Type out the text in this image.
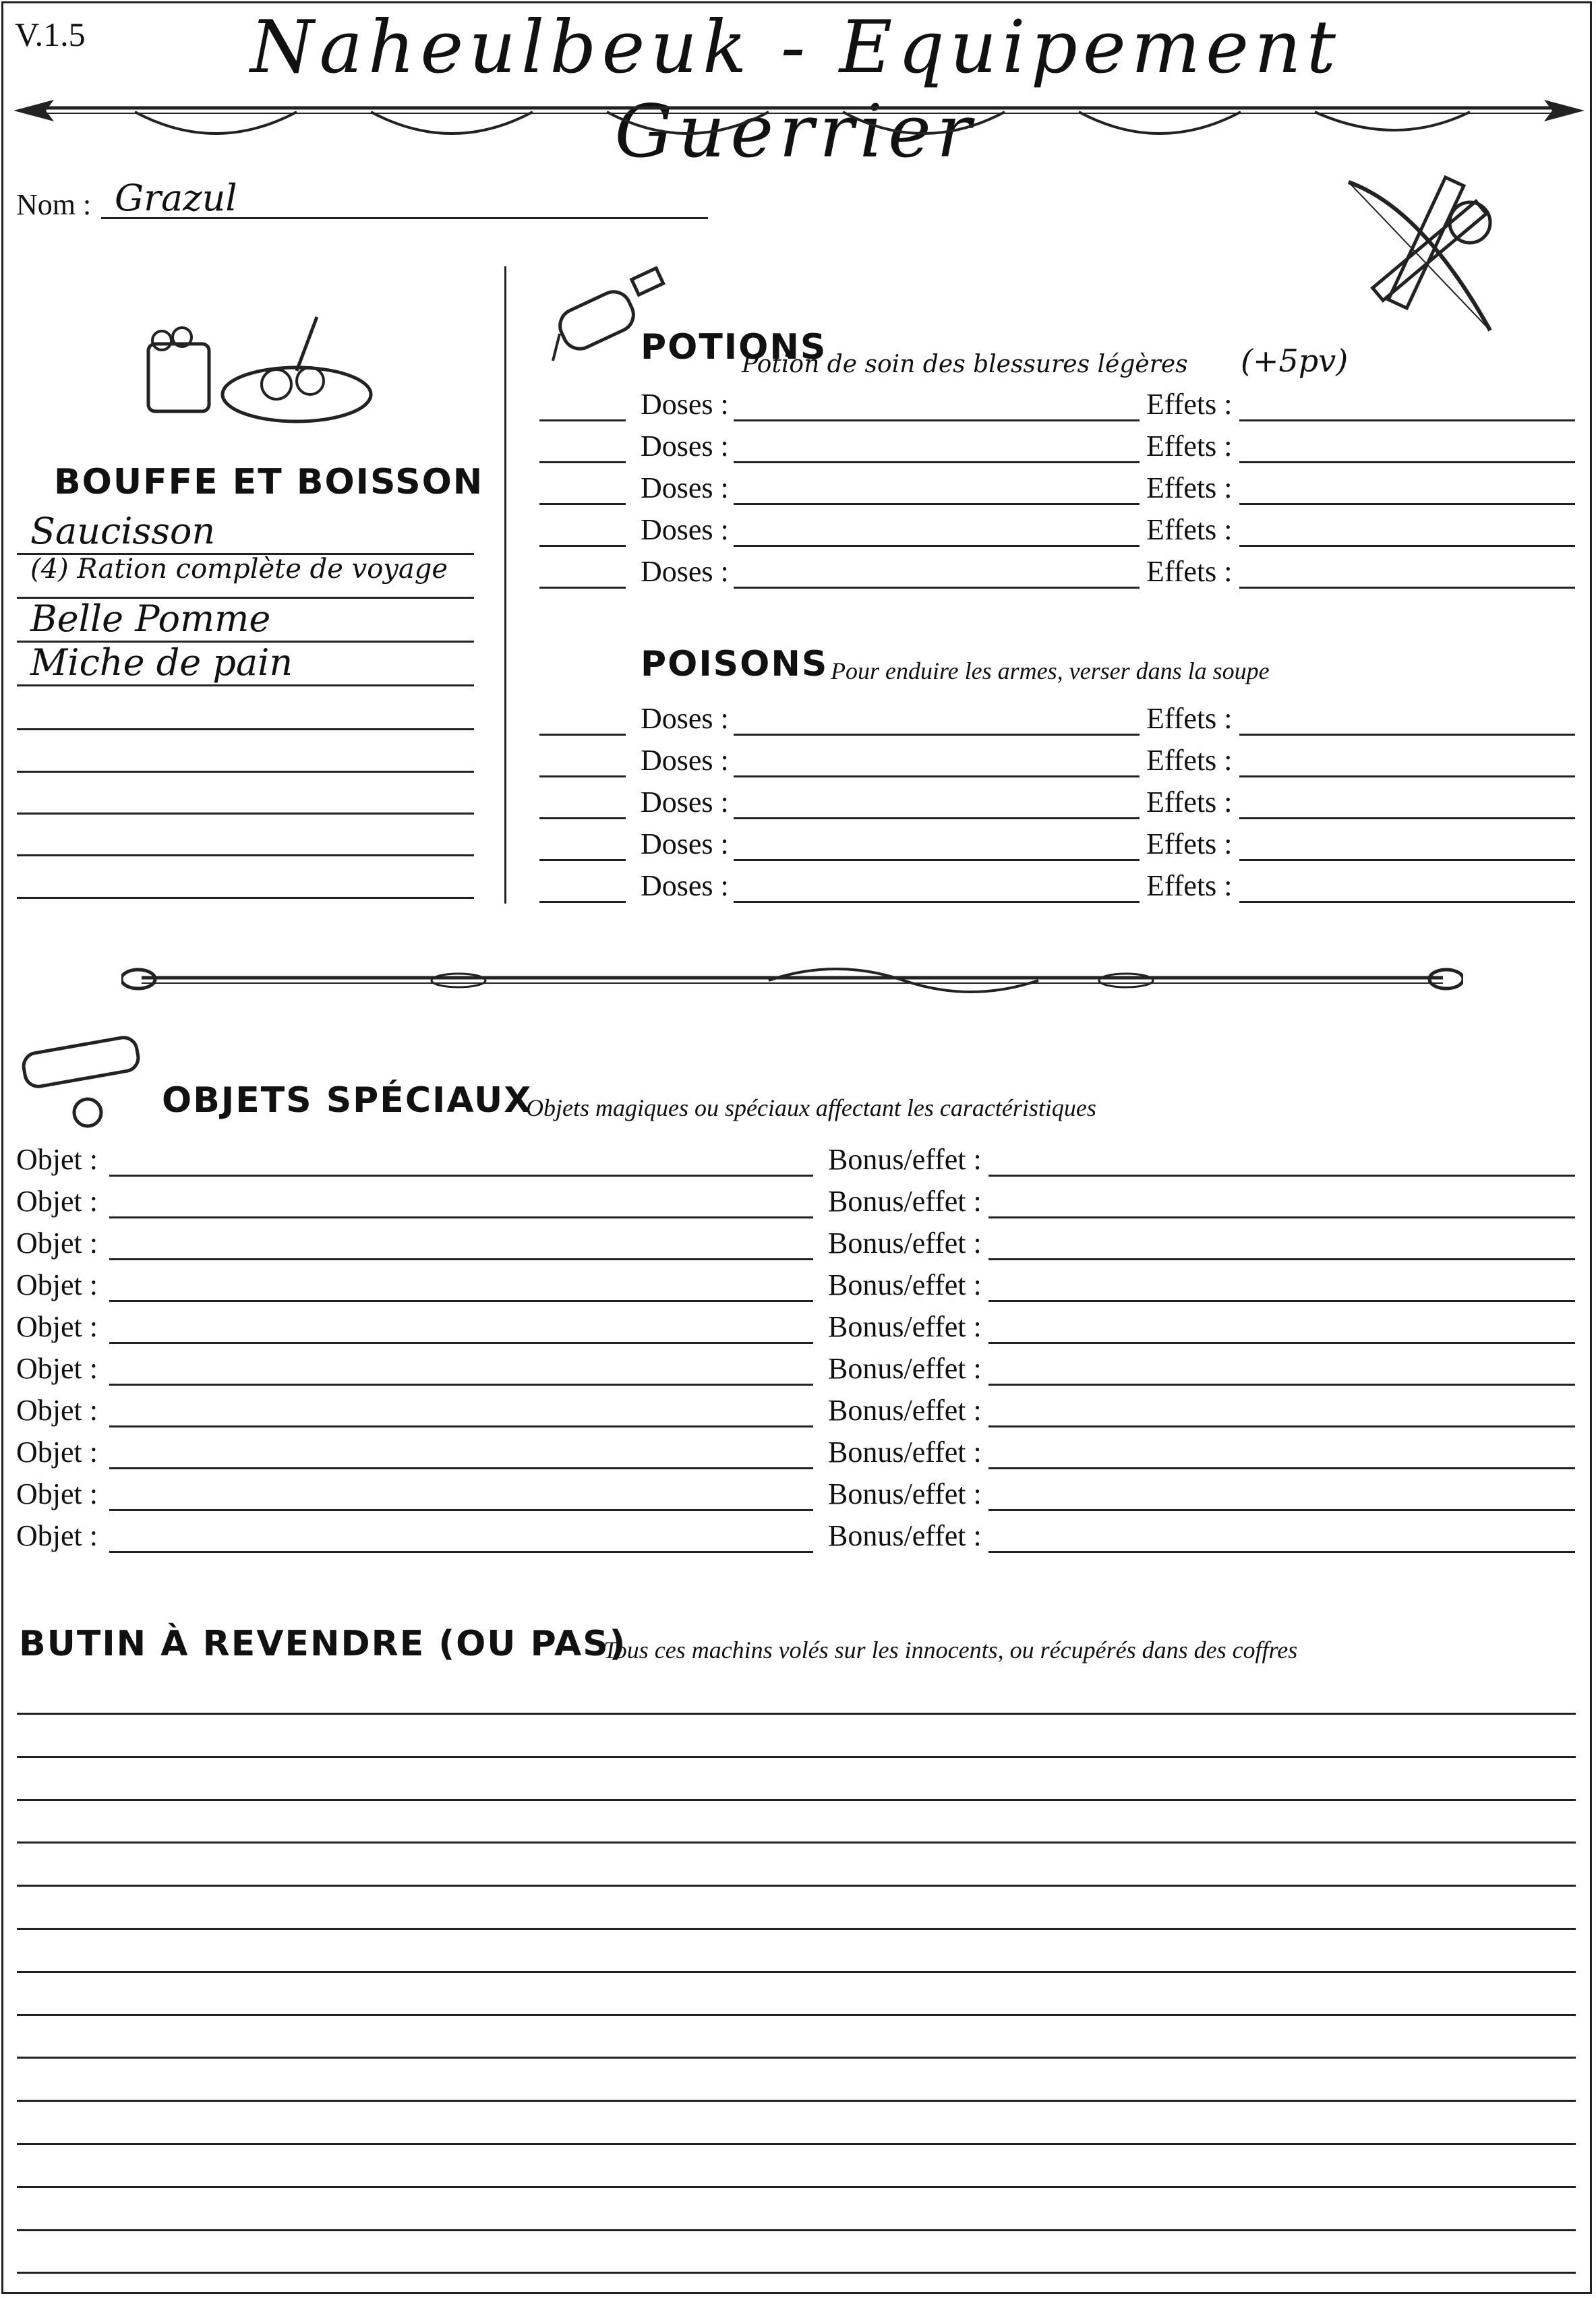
V.1.5	Naheulbeuk - Equipement Guerrier
Nom : Grazul
BOUFFE ET BOISSON
POTIONS
Potion de soin des blessures légères (+5pv)
POISONS Pour enduire les armes, verser dans la soupe
OBJETS SPÉCIAUX
Objets magiques ou spéciaux affectant les caractéristiques
BUTIN À REVENDRE (OU PAS)
Tous ces machins volés sur les innocents, ou récupérés dans des coffres
Saucisson
(4) Ration complète de voyage
Belle Pomme
Miche de pain
Doses :	Effets :
Doses :	Effets :
Doses :	Effets :
Doses :	Effets :
Doses :	Effets :
Doses :	Effets :
Doses :	Effets :
Doses :	Effets :
Doses :	Effets :
Doses :	Effets :
Objet :	Bonus/effet :
Objet :	Bonus/effet :
Objet :	Bonus/effet :
Objet :	Bonus/effet :
Objet :	Bonus/effet :
Objet :	Bonus/effet :
Objet :	Bonus/effet :
Objet :	Bonus/effet :
Objet :	Bonus/effet :
Objet :	Bonus/effet :
